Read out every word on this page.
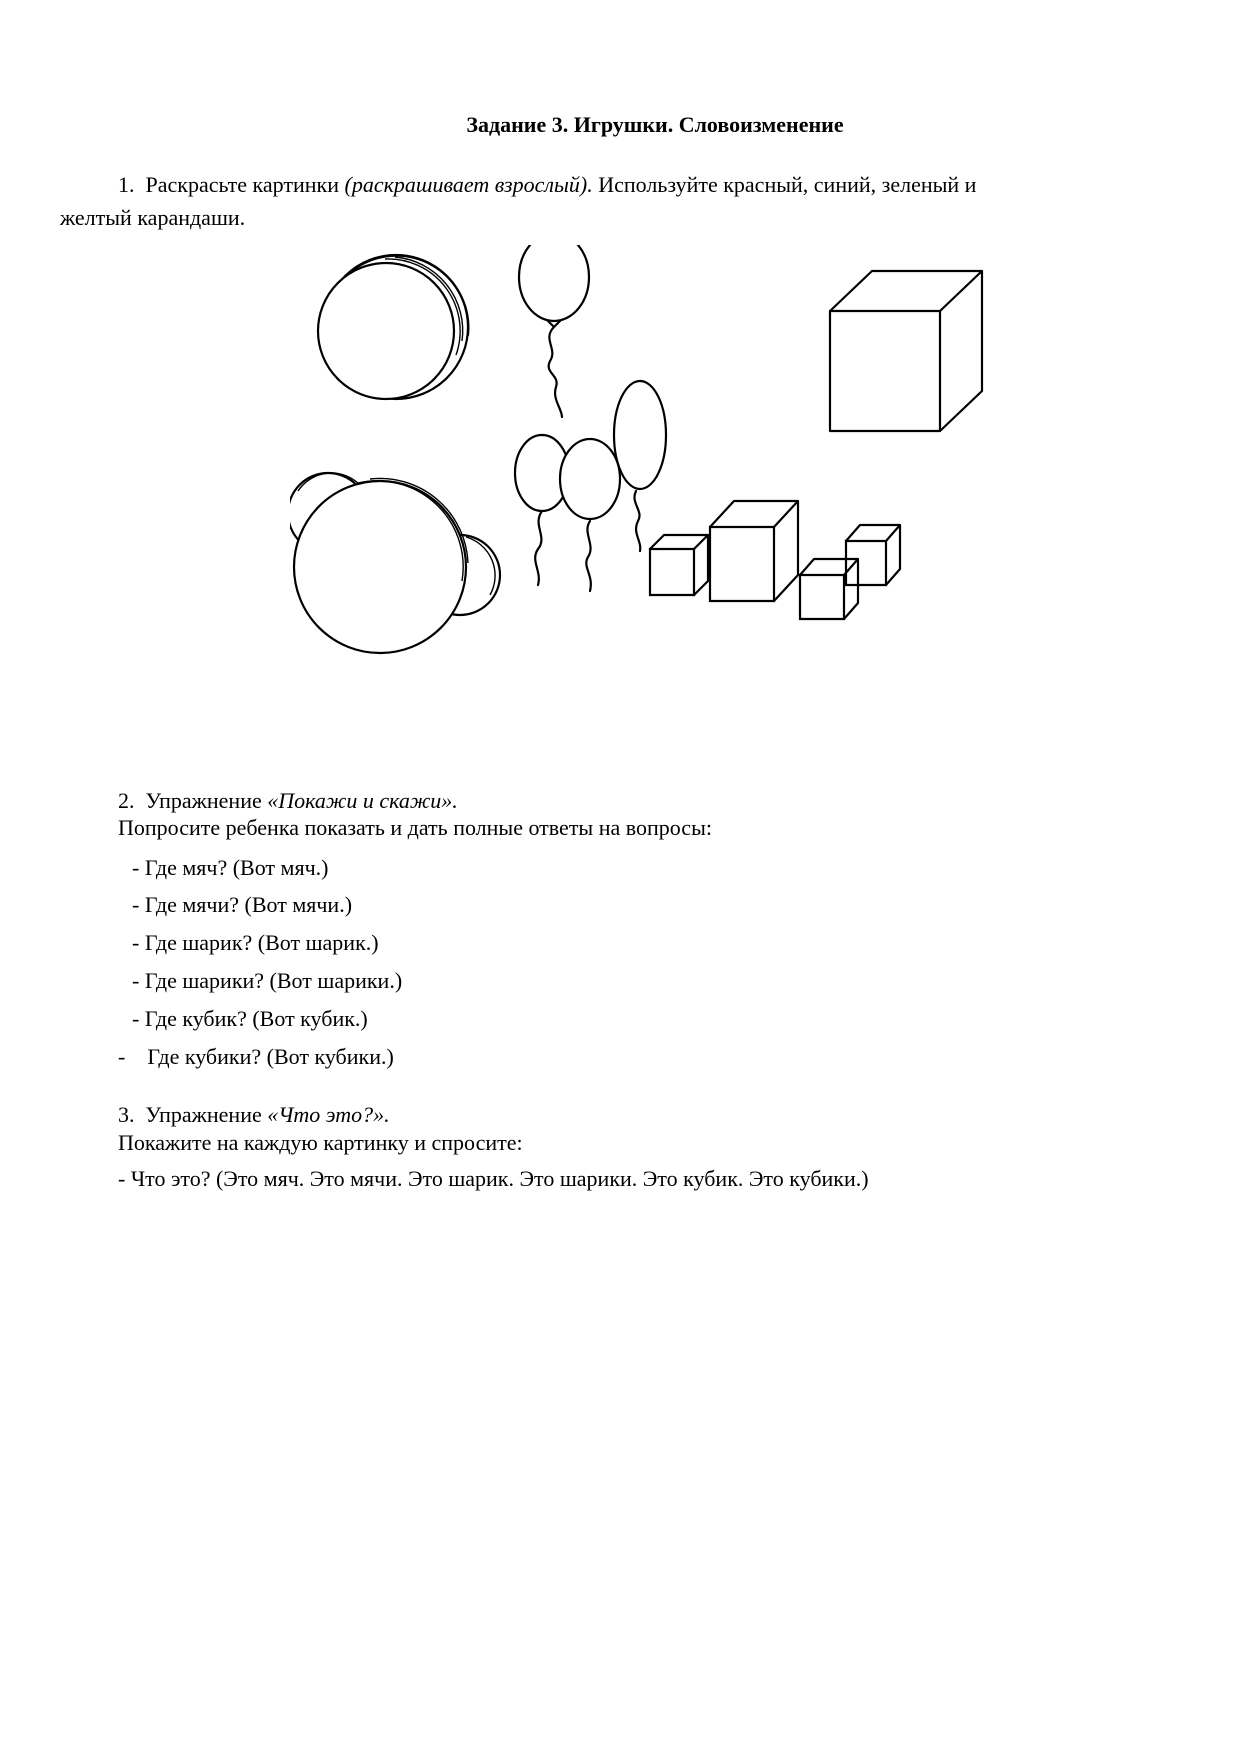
Задание 3. Игрушки. Словоизменение
1. Раскрасьте картинки (раскрашивает взрослый). Используйте красный, синий, зеленый и
желтый карандаши.
2. Упражнение «Покажи и скажи».
Попросите ребенка показать и дать полные ответы на вопросы:
- Где мяч? (Вот мяч.)
- Где мячи? (Вот мячи.)
- Где шарик? (Вот шарик.)
- Где шарики? (Вот шарики.)
- Где кубик? (Вот кубик.)
-    Где кубики? (Вот кубики.)
3. Упражнение «Что это?».
Покажите на каждую картинку и спросите:
- Что это? (Это мяч. Это мячи. Это шарик. Это шарики. Это кубик. Это кубики.)
